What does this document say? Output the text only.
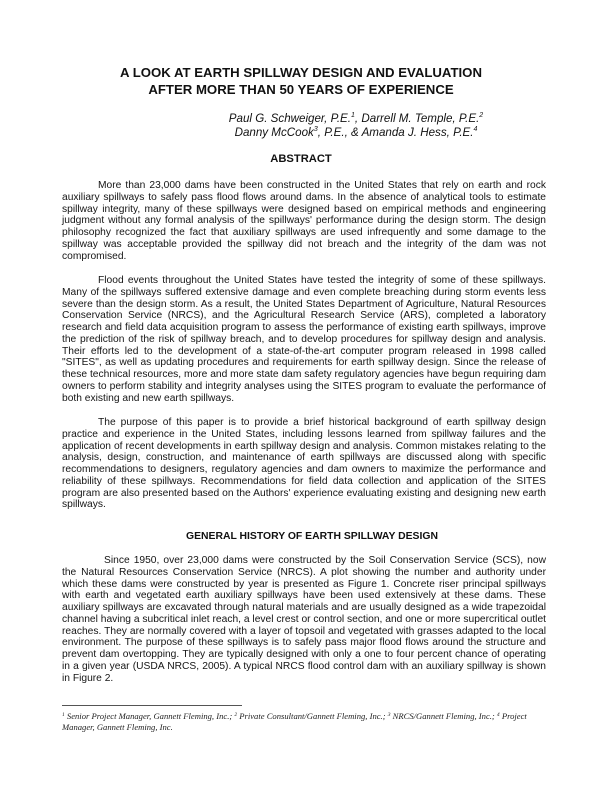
A LOOK AT EARTH SPILLWAY DESIGN AND EVALUATION
AFTER MORE THAN 50 YEARS OF EXPERIENCE
Paul G. Schweiger, P.E.$^1$, Darrell M. Temple, P.E.$^2$
Danny McCook$^3$, P.E., & Amanda J. Hess, P.E.$^4$
ABSTRACT
More than 23,000 dams have been constructed in the United States that rely on earth and rock auxiliary spillways to safely pass flood flows around dams. In the absence of analytical tools to estimate spillway integrity, many of these spillways were designed based on empirical methods and engineering judgment without any formal analysis of the spillways' performance during the design storm. The design philosophy recognized the fact that auxiliary spillways are used infrequently and some damage to the spillway was acceptable provided the spillway did not breach and the integrity of the dam was not compromised.
Flood events throughout the United States have tested the integrity of some of these spillways. Many of the spillways suffered extensive damage and even complete breaching during storm events less severe than the design storm. As a result, the United States Department of Agriculture, Natural Resources Conservation Service (NRCS), and the Agricultural Research Service (ARS), completed a laboratory research and field data acquisition program to assess the performance of existing earth spillways, improve the prediction of the risk of spillway breach, and to develop procedures for spillway design and analysis. Their efforts led to the development of a state-of-the-art computer program released in 1998 called "SITES", as well as updating procedures and requirements for earth spillway design. Since the release of these technical resources, more and more state dam safety regulatory agencies have begun requiring dam owners to perform stability and integrity analyses using the SITES program to evaluate the performance of both existing and new earth spillways.
The purpose of this paper is to provide a brief historical background of earth spillway design practice and experience in the United States, including lessons learned from spillway failures and the application of recent developments in earth spillway design and analysis. Common mistakes relating to the analysis, design, construction, and maintenance of earth spillways are discussed along with specific recommendations to designers, regulatory agencies and dam owners to maximize the performance and reliability of these spillways. Recommendations for field data collection and application of the SITES program are also presented based on the Authors' experience evaluating existing and designing new earth spillways.
GENERAL HISTORY OF EARTH SPILLWAY DESIGN
Since 1950, over 23,000 dams were constructed by the Soil Conservation Service (SCS), now the Natural Resources Conservation Service (NRCS). A plot showing the number and authority under which these dams were constructed by year is presented as Figure 1. Concrete riser principal spillways with earth and vegetated earth auxiliary spillways have been used extensively at these dams. These auxiliary spillways are excavated through natural materials and are usually designed as a wide trapezoidal channel having a subcritical inlet reach, a level crest or control section, and one or more supercritical outlet reaches. They are normally covered with a layer of topsoil and vegetated with grasses adapted to the local environment. The purpose of these spillways is to safely pass major flood flows around the structure and prevent dam overtopping. They are typically designed with only a one to four percent chance of operating in a given year (USDA NRCS, 2005). A typical NRCS flood control dam with an auxiliary spillway is shown in Figure 2.
$^1$ Senior Project Manager, Gannett Fleming, Inc.; $^2$ Private Consultant/Gannett Fleming, Inc.; $^3$ NRCS/Gannett Fleming, Inc.; $^4$ Project Manager, Gannett Fleming, Inc.
